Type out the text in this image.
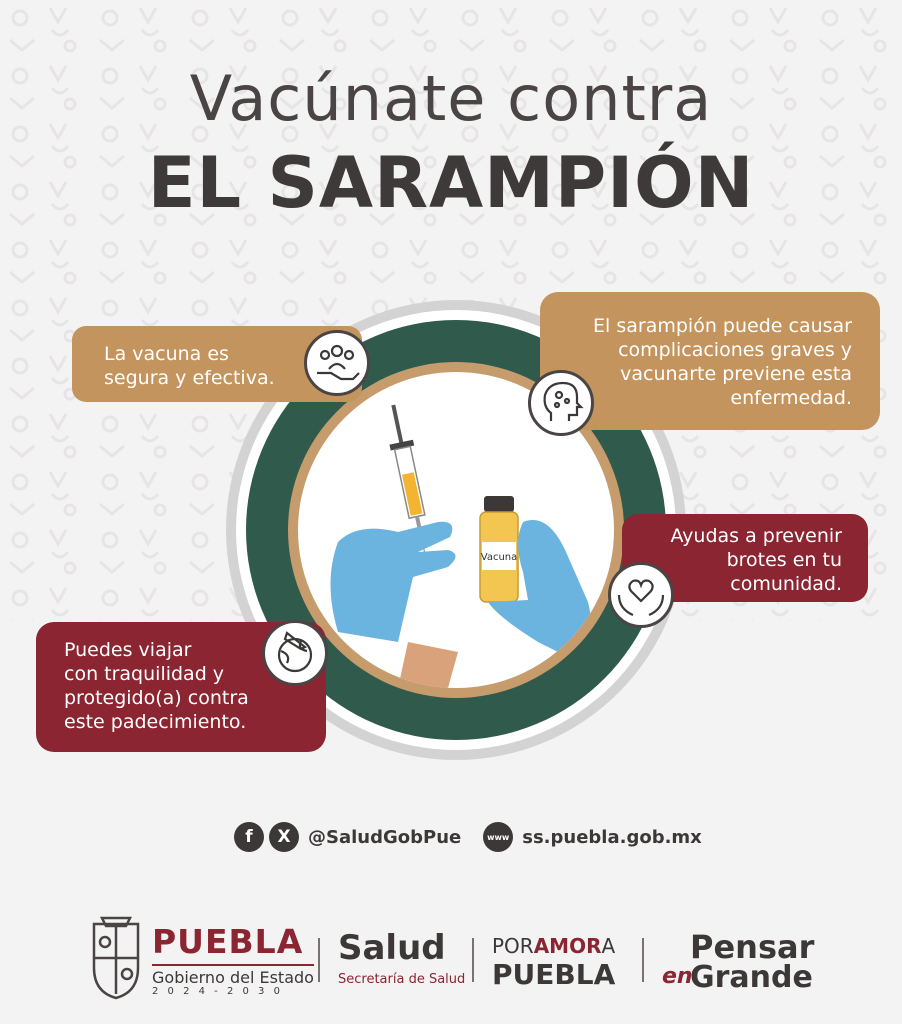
Vacúnate contra
EL SARAMPIÓN
Vacuna
La vacuna es
segura y efectiva.
El sarampión puede causar
complicaciones graves y
vacunarte previene esta
enfermedad.
Ayudas a prevenir
brotes en tu
comunidad.
Puedes viajar
con traquilidad y
protegido(a) contra
este padecimiento.
f	X @SaludGobPue	www ss.puebla.gob.mx
PUEBLA
Gobierno del Estado
2 0 2 4 - 2 0 3 0
Salud
Secretaría de Salud
PORAMORA
PUEBLA
Pensar
en
Grande
